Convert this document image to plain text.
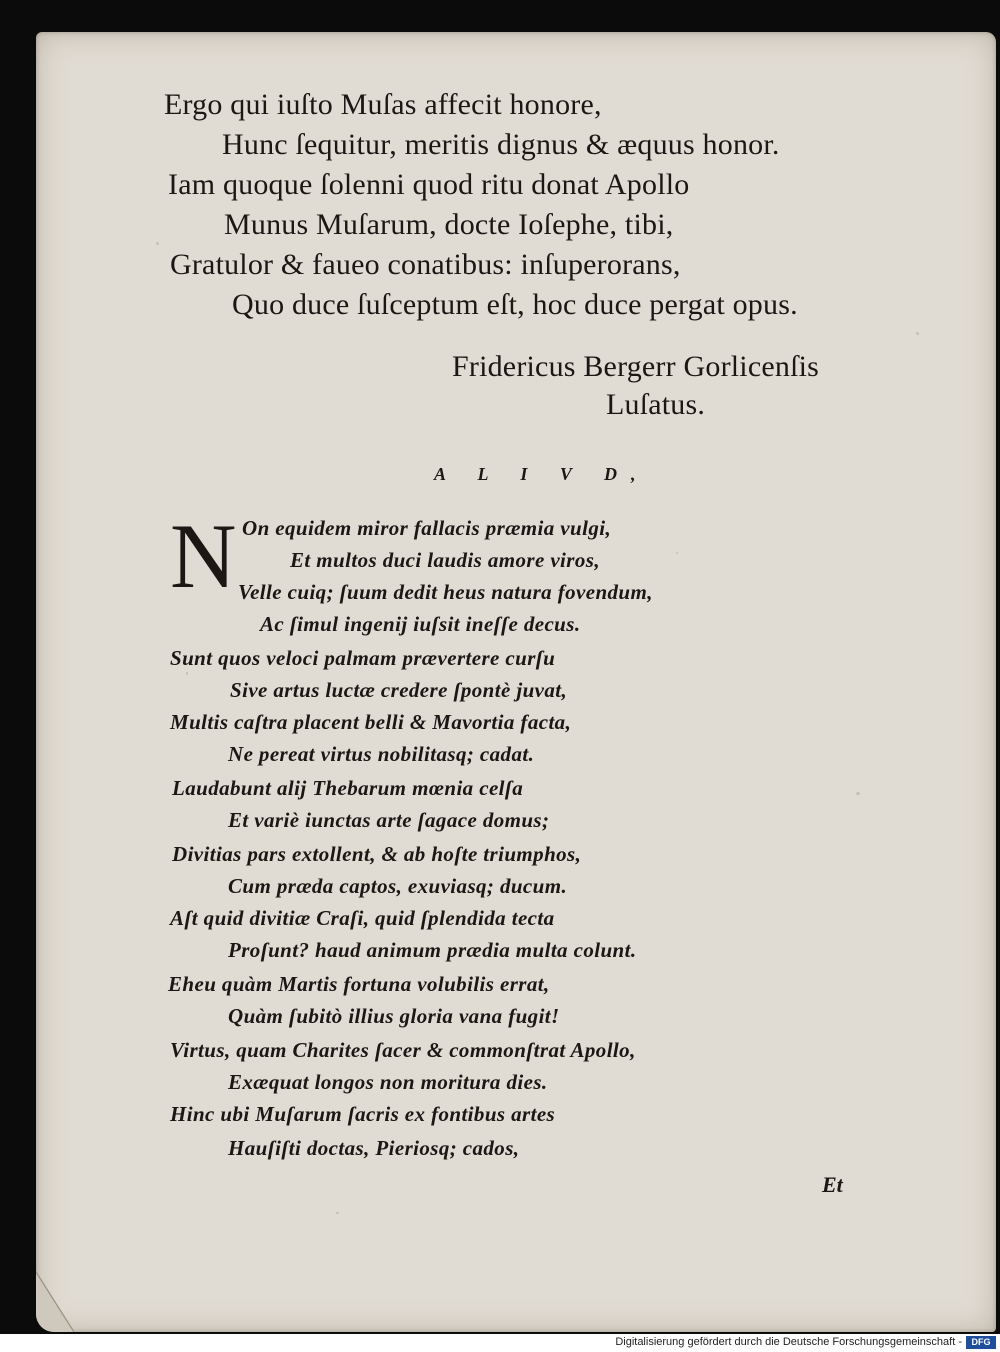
Ergo qui iuſto Muſas affecit honore,
Hunc ſequitur, meritis dignus & æquus honor.
Iam quoque ſolenni quod ritu donat Apollo
Munus Muſarum, docte Ioſephe, tibi,
Gratulor & faueo conatibus: inſuperorans,
Quo duce ſuſceptum eſt, hoc duce pergat opus.
Fridericus Bergerr Gorlicenſis
Luſatus.
A L I V D,
N On equidem miror fallacis præmia vulgi,
Et multos duci laudis amore viros,
Velle cuiq; ſuum dedit heus natura fovendum,
Ac ſimul ingenij iuſsit ineſſe decus.
Sunt quos veloci palmam prævertere curſu
Sive artus luctæ credere ſpontè juvat,
Multis caſtra placent belli & Mavortia facta,
Ne pereat virtus nobilitasq; cadat.
Laudabunt alij Thebarum mœnia celſa
Et variè iunctas arte ſagace domus;
Divitias pars extollent, & ab hoſte triumphos,
Cum præda captos, exuviasq; ducum.
Aſt quid divitiæ Craſi, quid ſplendida tecta
Proſunt? haud animum prædia multa colunt.
Eheu quàm Martis fortuna volubilis errat,
Quàm ſubitò illius gloria vana fugit!
Virtus, quam Charites ſacer & commonſtrat Apollo,
Exæquat longos non moritura dies.
Hinc ubi Muſarum ſacris ex fontibus artes
Hauſiſti doctas, Pieriosq; cados,
Et
Digitalisierung gefördert durch die Deutsche Forschungsgemeinschaft -	DFG
